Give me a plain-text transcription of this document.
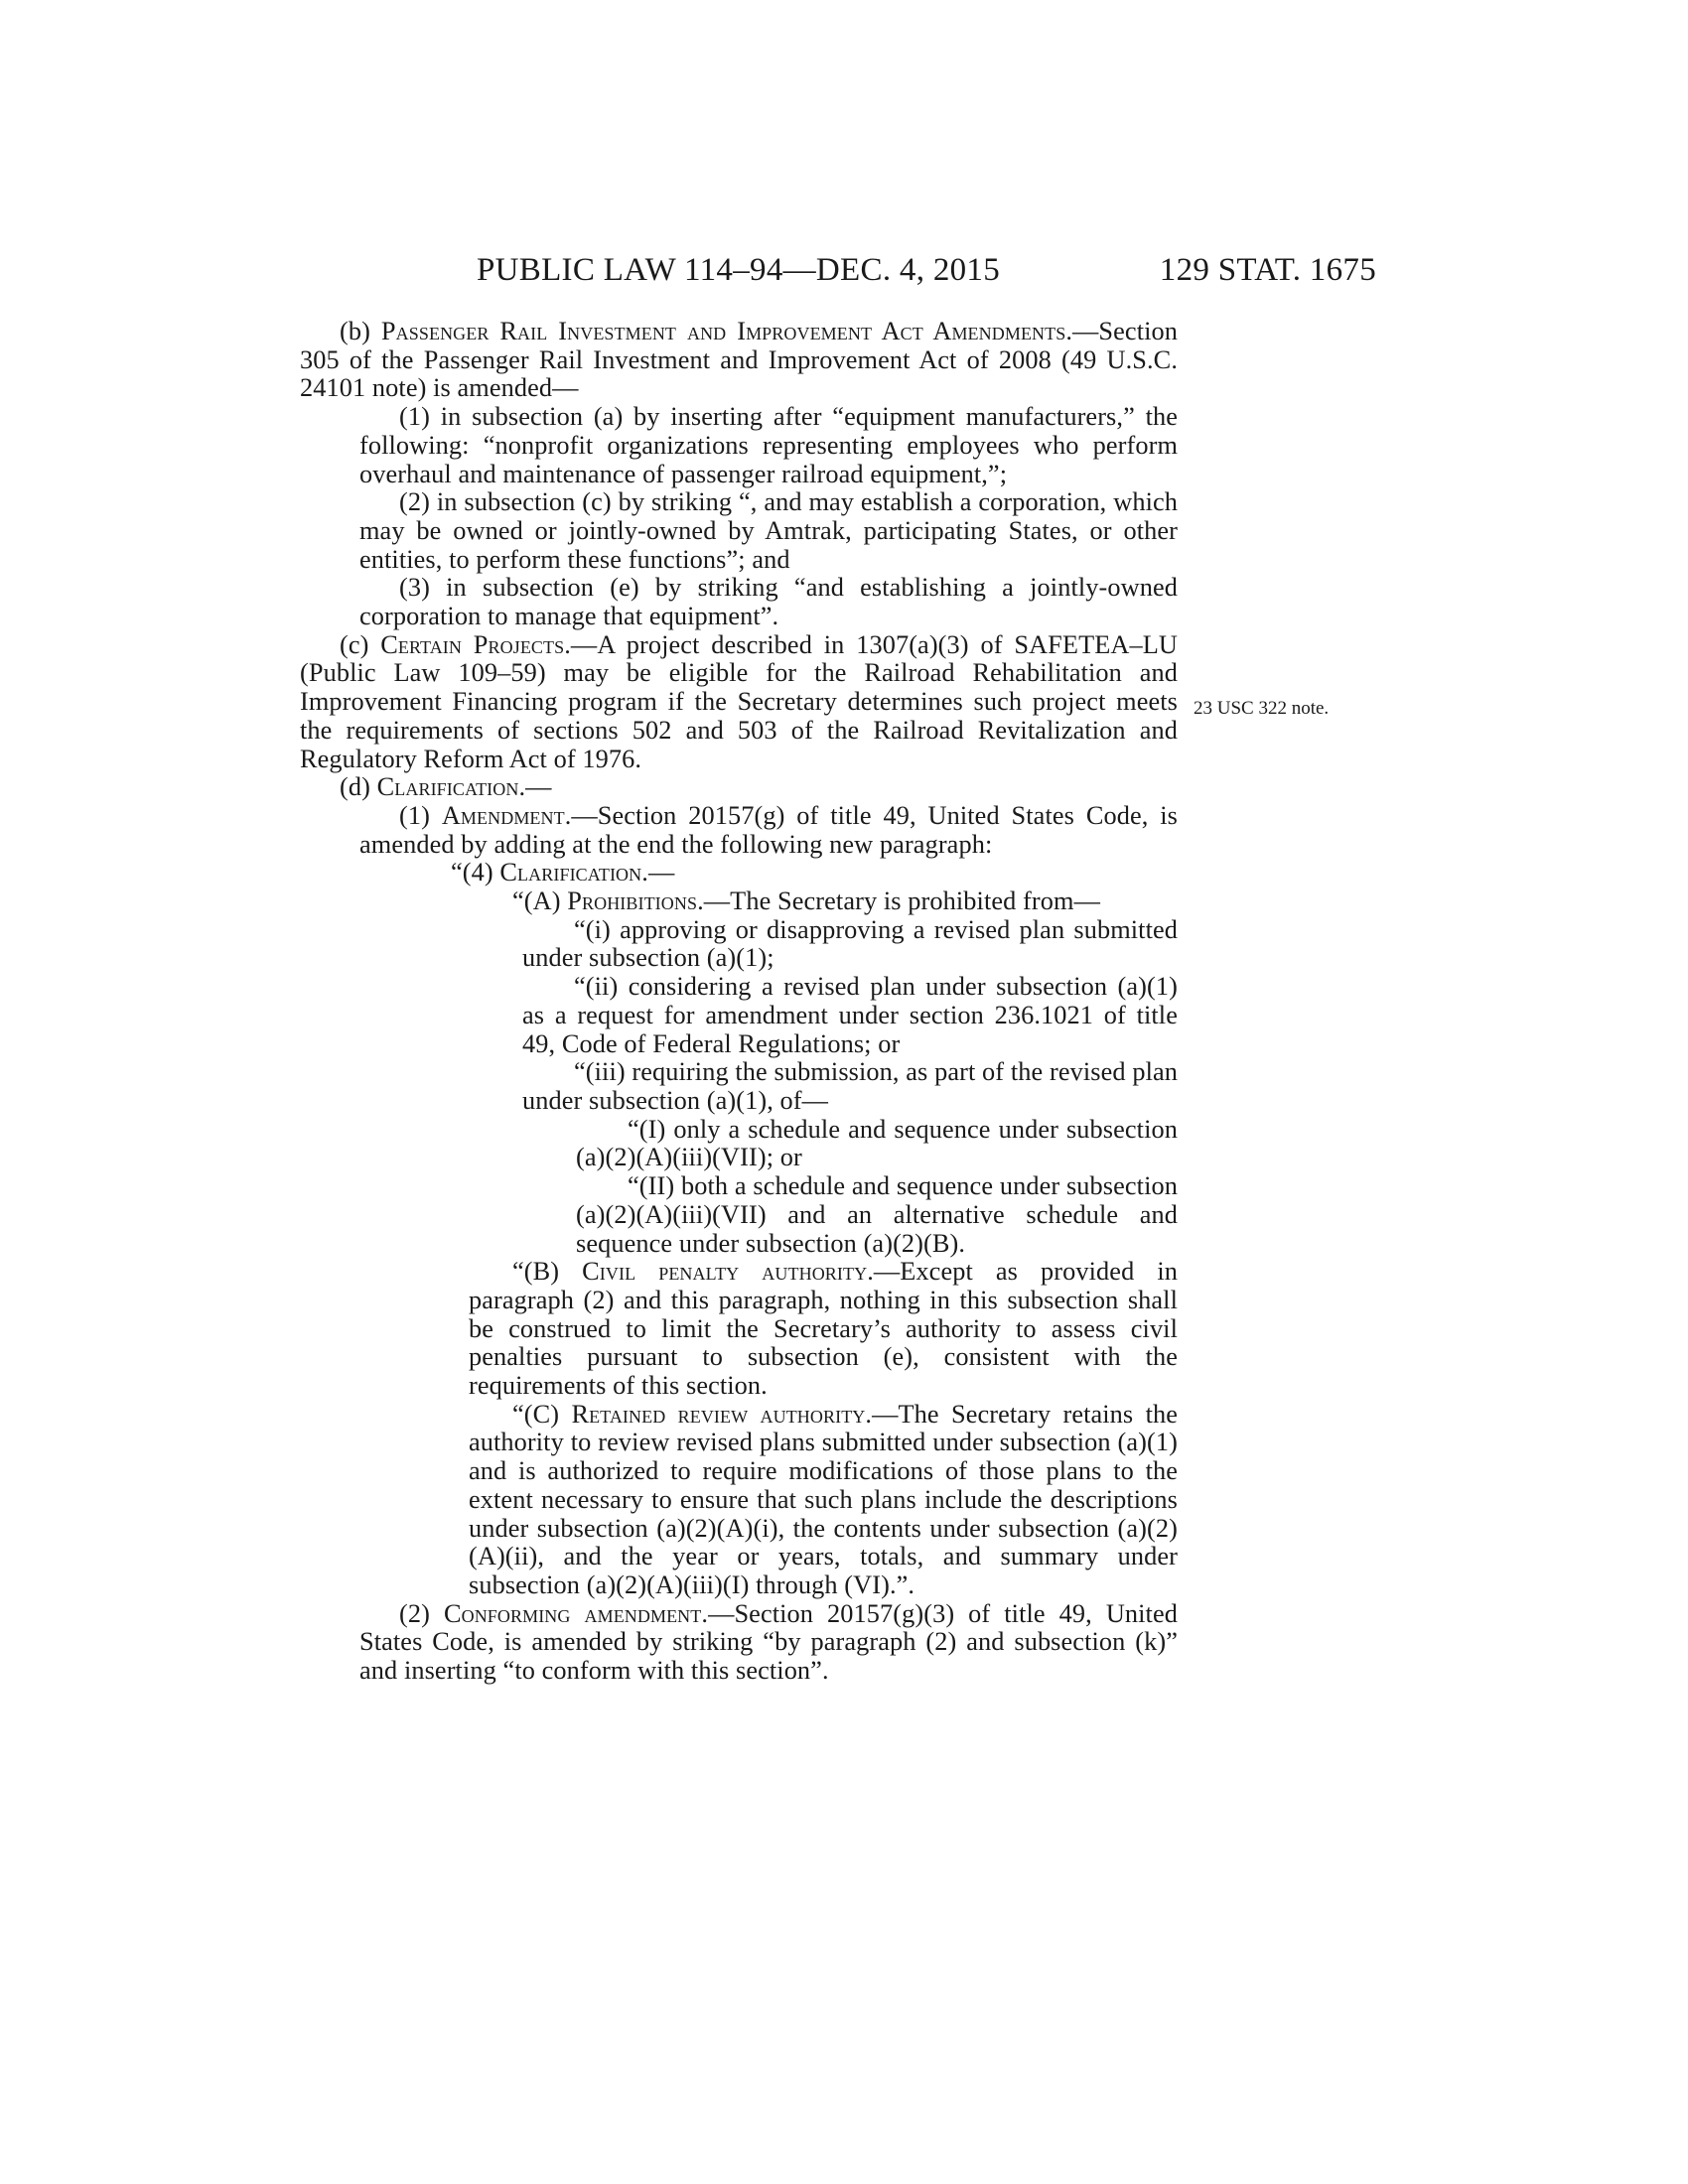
PUBLIC LAW 114–94—DEC. 4, 2015	129 STAT. 1675
23 USC 322 note.

(b) Passenger Rail Investment and Improvement Act Amendments.—Section 305 of the Passenger Rail Investment and Improvement Act of 2008 (49 U.S.C. 24101 note) is amended—

(1) in subsection (a) by inserting after “equipment manufacturers,” the following: “nonprofit organizations representing employees who perform overhaul and maintenance of passenger railroad equipment,”;

(2) in subsection (c) by striking “, and may establish a corporation, which may be owned or jointly-owned by Amtrak, participating States, or other entities, to perform these functions”; and

(3) in subsection (e) by striking “and establishing a jointly-owned corporation to manage that equipment”.

(c) Certain Projects.—A project described in 1307(a)(3) of SAFETEA–LU (Public Law 109–59) may be eligible for the Railroad Rehabilitation and Improvement Financing program if the Secretary determines such project meets the requirements of sections 502 and 503 of the Railroad Revitalization and Regulatory Reform Act of 1976.

(d) Clarification.—

(1) Amendment.—Section 20157(g) of title 49, United States Code, is amended by adding at the end the following new paragraph:

“(4) Clarification.—

“(A) Prohibitions.—The Secretary is prohibited from—

“(i) approving or disapproving a revised plan submitted under subsection (a)(1);

“(ii) considering a revised plan under subsection (a)(1) as a request for amendment under section 236.1021 of title 49, Code of Federal Regulations; or

“(iii) requiring the submission, as part of the revised plan under subsection (a)(1), of—

“(I) only a schedule and sequence under subsection (a)(2)(A)(iii)(VII); or

“(II) both a schedule and sequence under subsection (a)(2)(A)(iii)(VII) and an alternative schedule and sequence under subsection (a)(2)(B).

“(B) Civil penalty authority.—Except as provided in paragraph (2) and this paragraph, nothing in this subsection shall be construed to limit the Secretary’s authority to assess civil penalties pursuant to subsection (e), consistent with the requirements of this section.

“(C) Retained review authority.—The Secretary retains the authority to review revised plans submitted under subsection (a)(1) and is authorized to require modifications of those plans to the extent necessary to ensure that such plans include the descriptions under subsection (a)(2)(A)(i), the contents under subsection (a)(2)(A)(ii), and the year or years, totals, and summary under subsection (a)(2)(A)(iii)(I) through (VI).”.

(2) Conforming amendment.—Section 20157(g)(3) of title 49, United States Code, is amended by striking “by paragraph (2) and subsection (k)” and inserting “to conform with this section”.
